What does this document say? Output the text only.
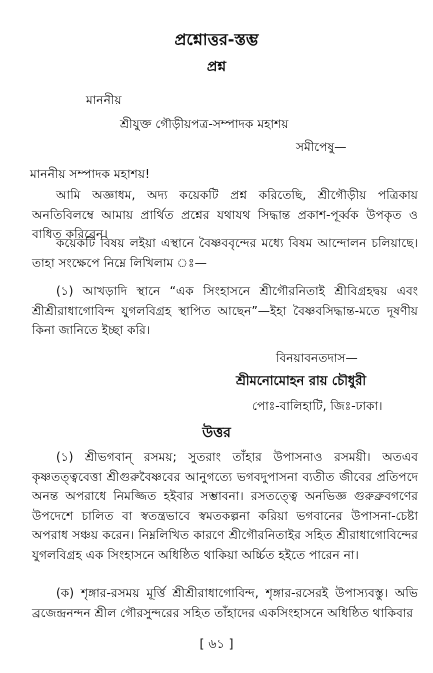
প্রশ্নোত্তর-স্তম্ভ
প্রশ্ন
মাননীয়
শ্রীযুক্ত গৌড়ীয়পত্র-সম্পাদক মহাশয়
সমীপেষু—
মাননীয় সম্পাদক মহাশয়!
আমি অজ্ঞাধম, অদ্য কয়েকটি প্রশ্ন করিতেছি, শ্রীগৌড়ীয় পত্রিকায় অনতিবিলম্বে আমায় প্রার্থিত প্রশ্নের যথাযথ সিদ্ধান্ত প্রকাশ-পূর্ব্বক উপকৃত ও বাধিত করিবেন।
কয়েকটি বিষয় লইয়া এস্থানে বৈষ্ণববৃন্দের মধ্যে বিষম আন্দোলন চলিয়াছে। তাহা সংক্ষেপে নিম্নে লিখিলাম ঃ—
(১) আখড়াদি স্থানে “এক সিংহাসনে শ্রীগৌরনিতাই শ্রীবিগ্রহদ্বয় এবং শ্রীশ্রীরাধাগোবিন্দ যুগলবিগ্রহ স্থাপিত আছেন”—ইহা বৈষ্ণবসিদ্ধান্ত-মতে দূষণীয় কিনা জানিতে ইচ্ছা করি।
বিনয়াবনতদাস—
শ্রীমনোমোহন রায় চৌধুরী
পোঃ-বালিহাটি, জিঃ-ঢাকা।
উত্তর
(১) শ্রীভগবান্ রসময়; সুতরাং তাঁহার উপাসনাও রসময়ী। অতএব কৃষ্ণতত্ত্ববেত্তা শ্রীগুরুবৈষ্ণবের আনুগত্যে ভগবদুপাসনা ব্যতীত জীবের প্রতিপদে অনন্ত অপরাধে নিমজ্জিত হইবার সম্ভাবনা। রসতত্ত্বে অনভিজ্ঞ গুরুব্রুবগণের উপদেশে চালিত বা স্বতন্ত্রভাবে স্বমতকল্পনা করিয়া ভগবানের উপাসনা-চেষ্টা অপরাধ সঞ্চয় করেন। নিম্নলিখিত কারণে শ্রীগৌরনিতাইর সহিত শ্রীরাধাগোবিন্দের যুগলবিগ্রহ এক সিংহাসনে অধিষ্ঠিত থাকিয়া অর্চ্চিত হইতে পারেন না।
(ক) শৃঙ্গার-রসময় মূর্ত্তি শ্রীশ্রীরাধাগোবিন্দ, শৃঙ্গার-রসেরই উপাস্যবস্তু। অভি ব্রজেন্দ্রনন্দন শ্রীল গৌরসুন্দরের সহিত তাঁহাদের একসিংহাসনে অধিষ্ঠিত থাকিবার
[ ৬১ ]
